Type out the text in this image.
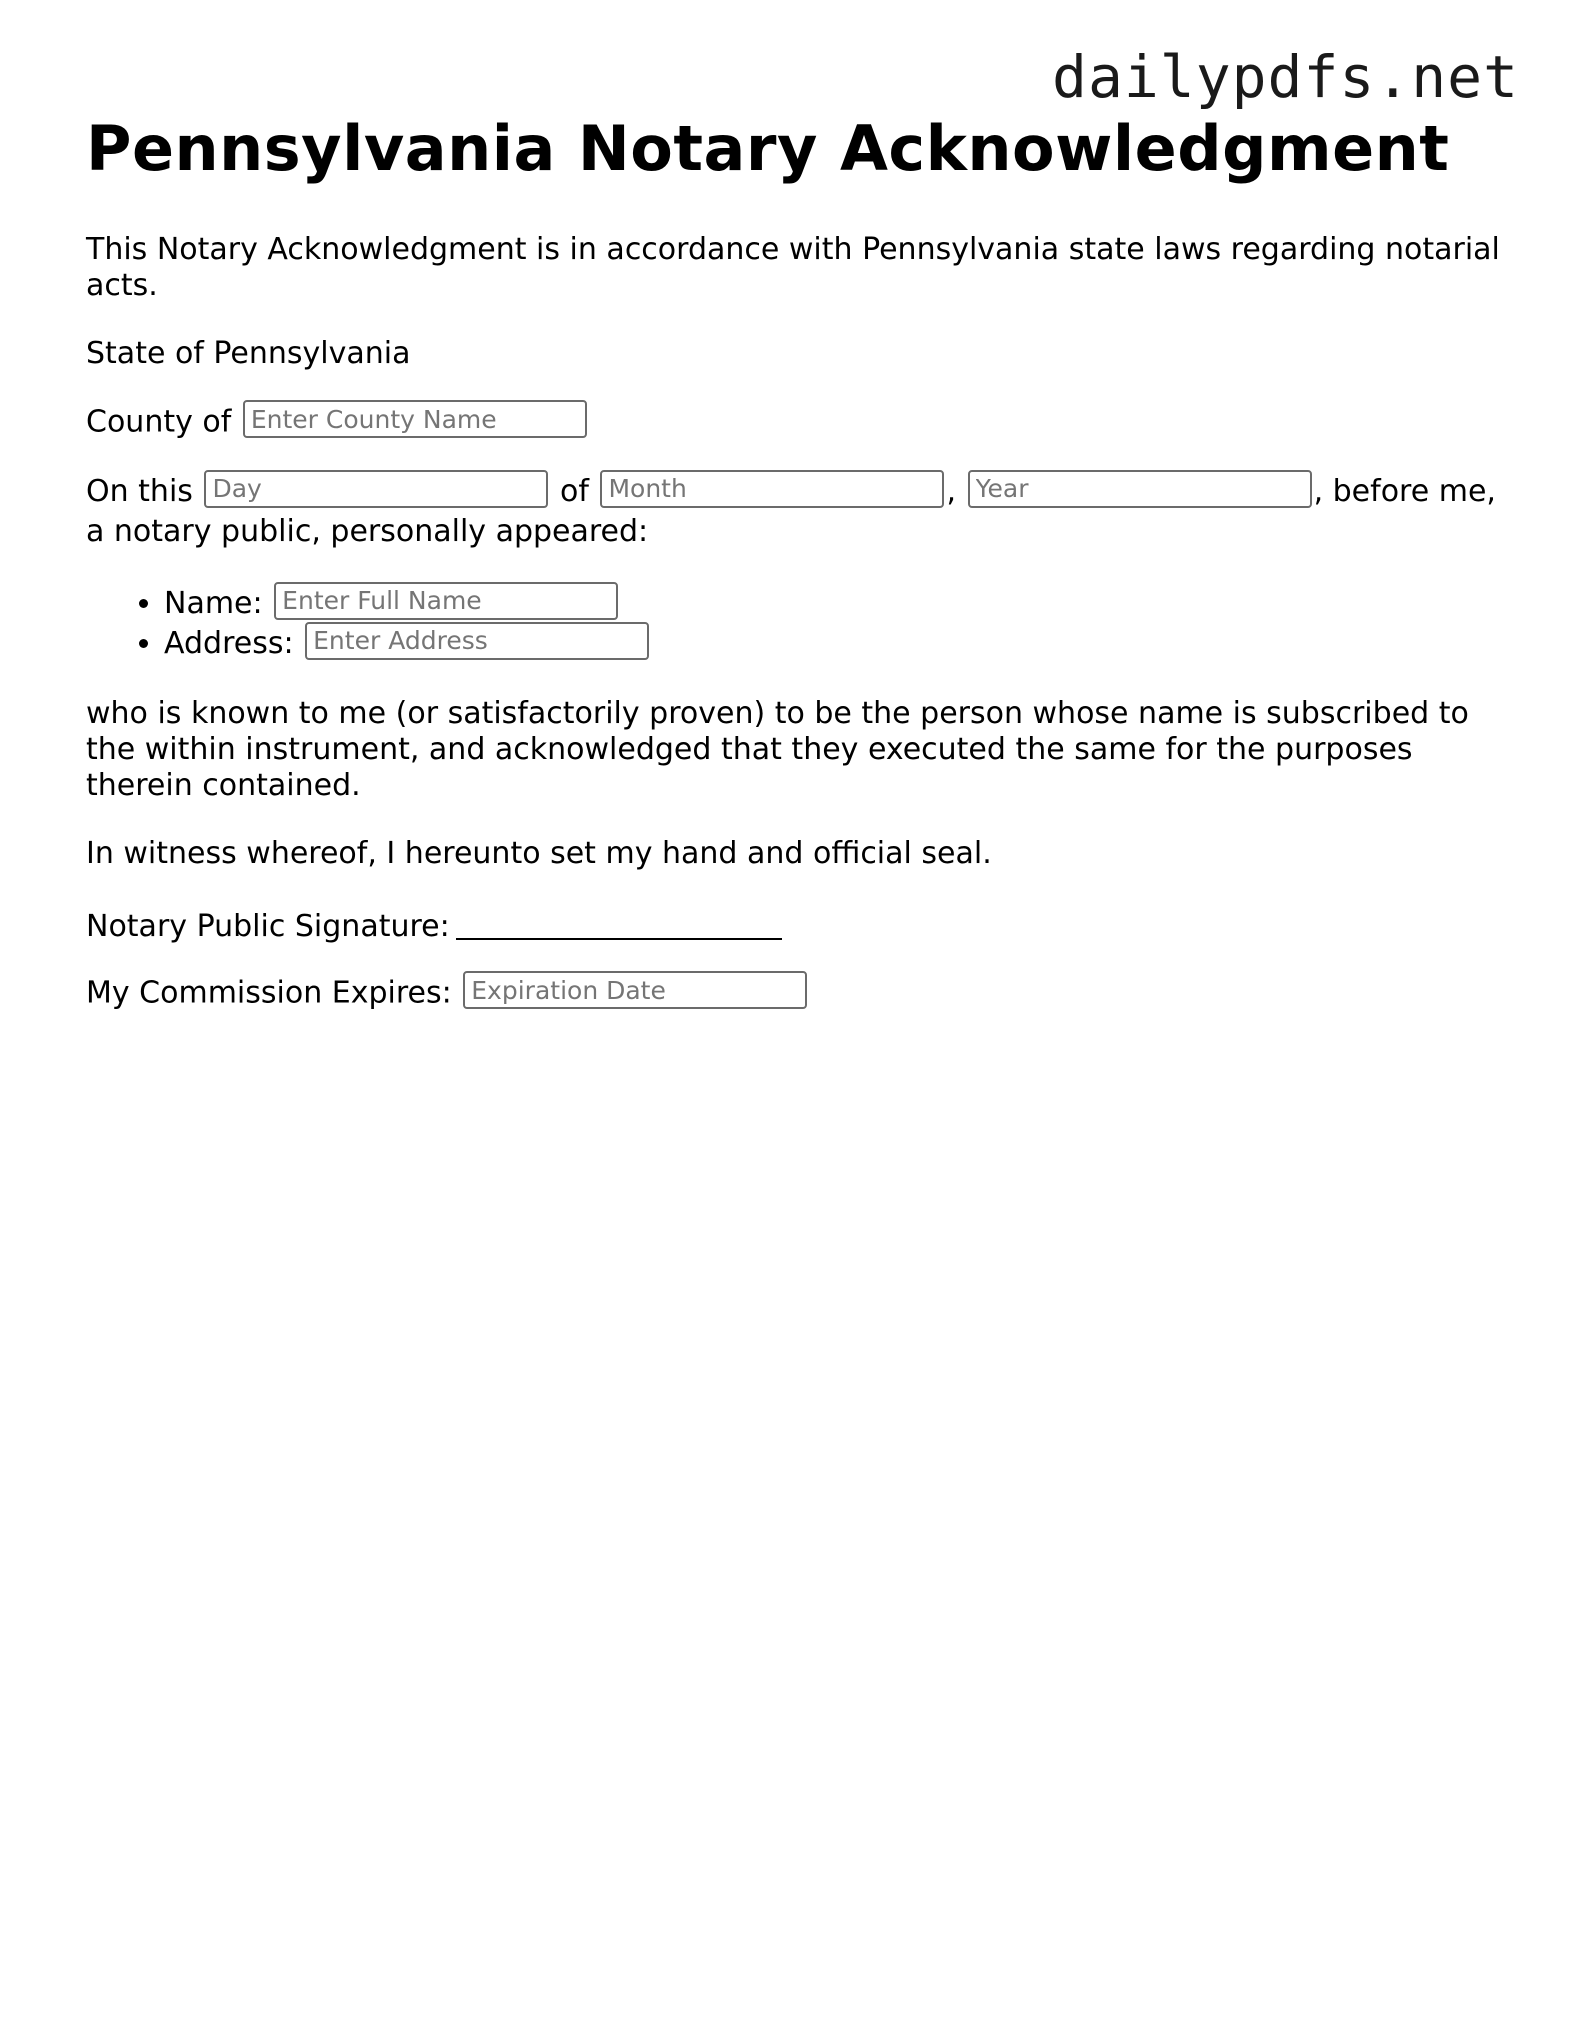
dailypdfs.net
Pennsylvania Notary Acknowledgment

This Notary Acknowledgment is in accordance with Pennsylvania state laws regarding notarial acts.

State of Pennsylvania

County of Enter County Name

On this Day	of Month	, Year	, before me, a notary public, personally appeared:

• Name: Enter Full Name
• Address: Enter Address

who is known to me (or satisfactorily proven) to be the person whose name is subscribed to the within instrument, and acknowledged that they executed the same for the purposes therein contained.

In witness whereof, I hereunto set my hand and official seal.

Notary Public Signature:

My Commission Expires: Expiration Date
